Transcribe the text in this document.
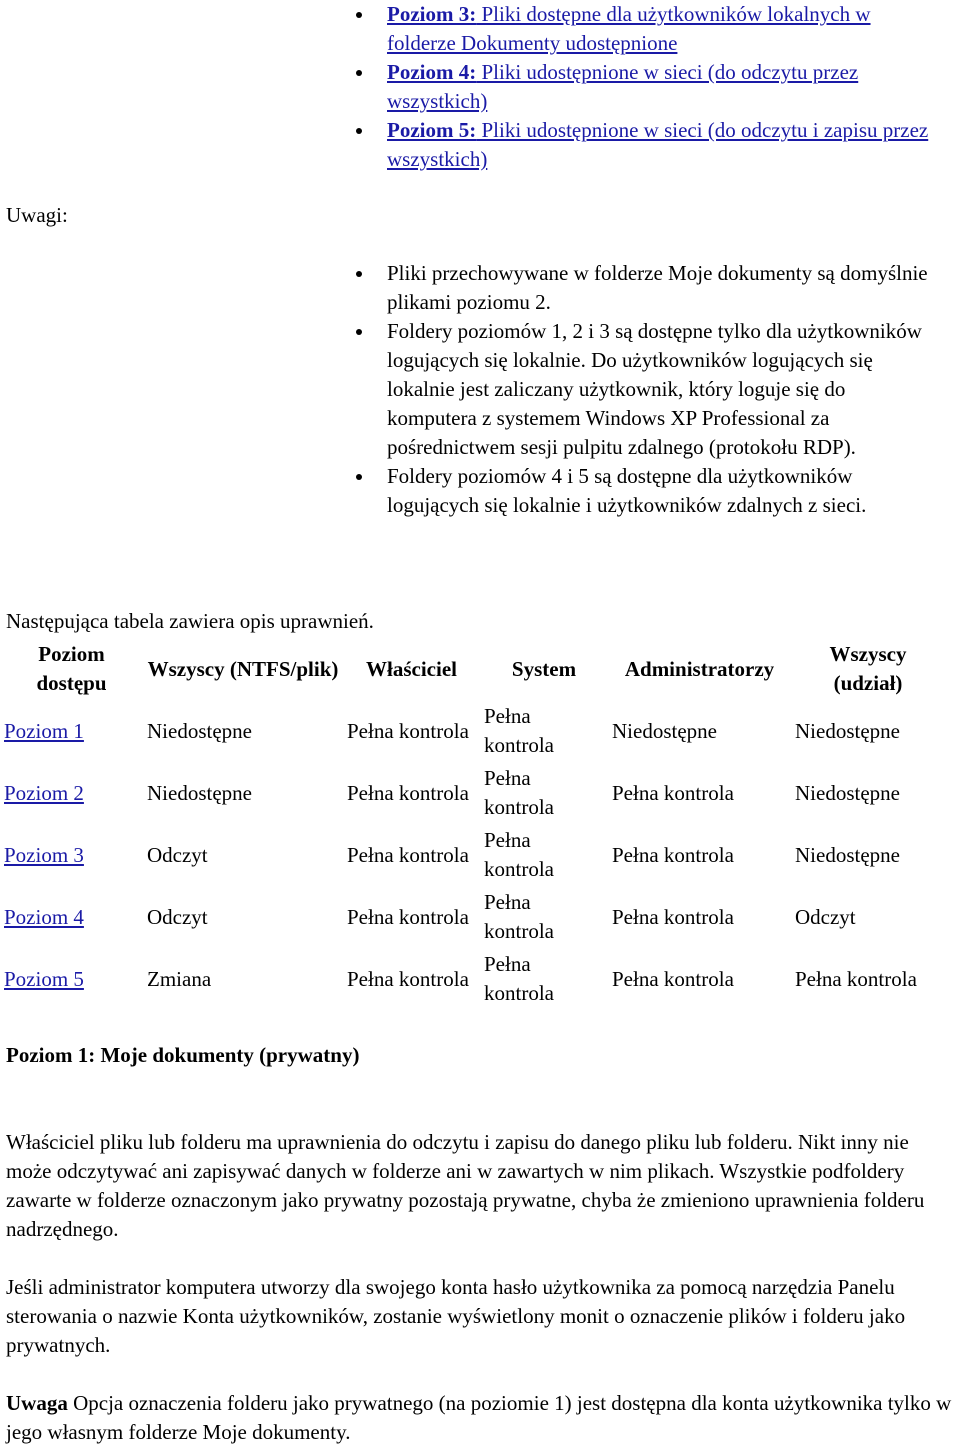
Poziom 3: Pliki dostępne dla użytkowników lokalnych w folderze Dokumenty udostępnione
Poziom 4: Pliki udostępnione w sieci (do odczytu przez wszystkich)
Poziom 5: Pliki udostępnione w sieci (do odczytu i zapisu przez wszystkich)
Uwagi:
Pliki przechowywane w folderze Moje dokumenty są domyślnie plikami poziomu 2.
Foldery poziomów 1, 2 i 3 są dostępne tylko dla użytkowników logujących się lokalnie. Do użytkowników logujących się lokalnie jest zaliczany użytkownik, który loguje się do komputera z systemem Windows XP Professional za pośrednictwem sesji pulpitu zdalnego (protokołu RDP).
Foldery poziomów 4 i 5 są dostępne dla użytkowników logujących się lokalnie i użytkowników zdalnych z sieci.
Następująca tabela zawiera opis uprawnień.
Poziom dostępu	Wszyscy (NTFS/plik)	Właściciel	System	Administratorzy	Wszyscy (udział)
Poziom 1	Niedostępne	Pełna kontrola	Pełna kontrola	Niedostępne	Niedostępne
Poziom 2	Niedostępne	Pełna kontrola	Pełna kontrola	Pełna kontrola	Niedostępne
Poziom 3	Odczyt	Pełna kontrola	Pełna kontrola	Pełna kontrola	Niedostępne
Poziom 4	Odczyt	Pełna kontrola	Pełna kontrola	Pełna kontrola	Odczyt
Poziom 5	Zmiana	Pełna kontrola	Pełna kontrola	Pełna kontrola	Pełna kontrola
Poziom 1: Moje dokumenty (prywatny)

Właściciel pliku lub folderu ma uprawnienia do odczytu i zapisu do danego pliku lub folderu. Nikt inny nie może odczytywać ani zapisywać danych w folderze ani w zawartych w nim plikach. Wszystkie podfoldery zawarte w folderze oznaczonym jako prywatny pozostają prywatne, chyba że zmieniono uprawnienia folderu nadrzędnego.

Jeśli administrator komputera utworzy dla swojego konta hasło użytkownika za pomocą narzędzia Panelu sterowania o nazwie Konta użytkowników, zostanie wyświetlony monit o oznaczenie plików i folderu jako prywatnych.

Uwaga Opcja oznaczenia folderu jako prywatnego (na poziomie 1) jest dostępna dla konta użytkownika tylko w jego własnym folderze Moje dokumenty.
